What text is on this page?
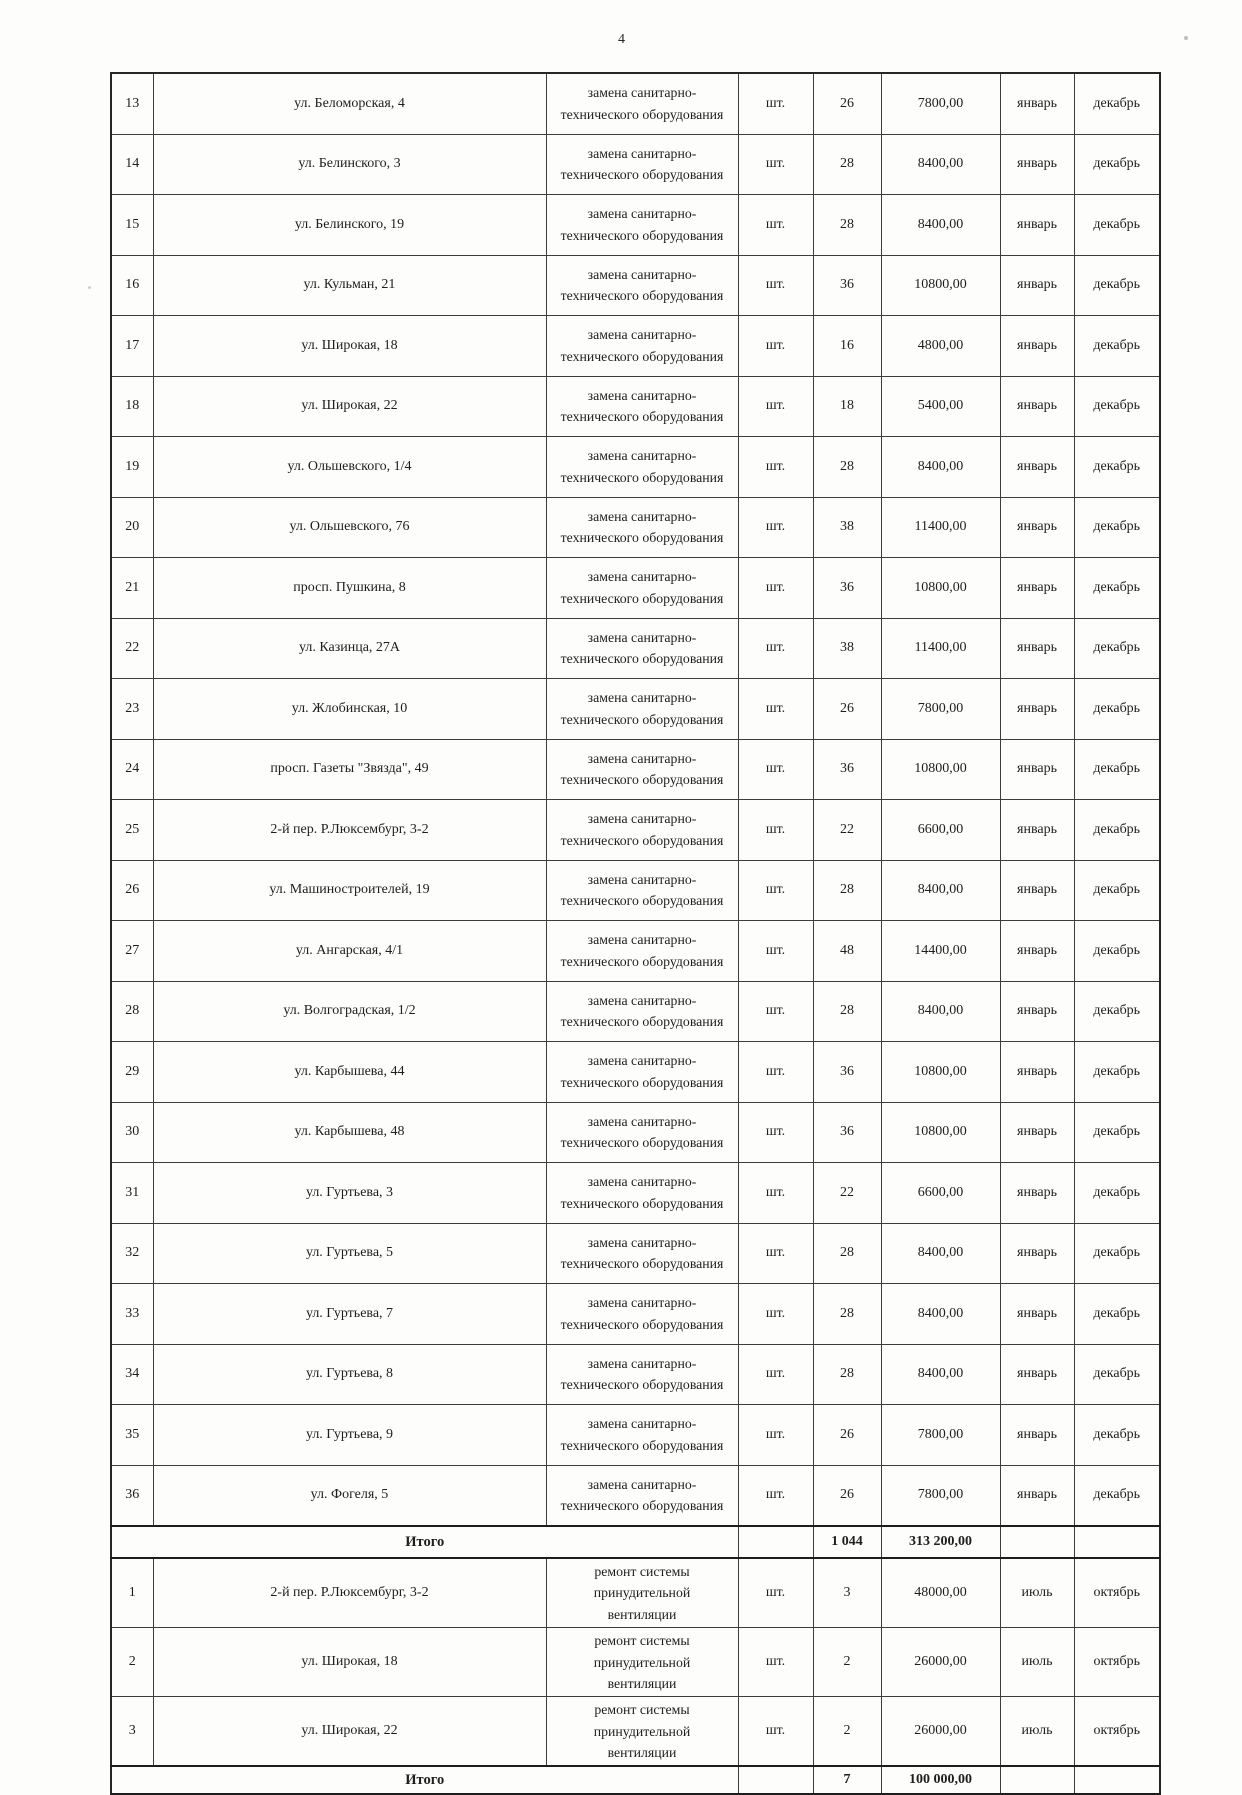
4
13	ул. Беломорская, 4	замена санитарно-
технического оборудования	шт.	26	7800,00	январь	декабрь
14	ул. Белинского, 3	замена санитарно-
технического оборудования	шт.	28	8400,00	январь	декабрь
15	ул. Белинского, 19	замена санитарно-
технического оборудования	шт.	28	8400,00	январь	декабрь
16	ул. Кульман, 21	замена санитарно-
технического оборудования	шт.	36	10800,00	январь	декабрь
17	ул. Широкая, 18	замена санитарно-
технического оборудования	шт.	16	4800,00	январь	декабрь
18	ул. Широкая, 22	замена санитарно-
технического оборудования	шт.	18	5400,00	январь	декабрь
19	ул. Ольшевского, 1/4	замена санитарно-
технического оборудования	шт.	28	8400,00	январь	декабрь
20	ул. Ольшевского, 76	замена санитарно-
технического оборудования	шт.	38	11400,00	январь	декабрь
21	просп. Пушкина, 8	замена санитарно-
технического оборудования	шт.	36	10800,00	январь	декабрь
22	ул. Казинца, 27А	замена санитарно-
технического оборудования	шт.	38	11400,00	январь	декабрь
23	ул. Жлобинская, 10	замена санитарно-
технического оборудования	шт.	26	7800,00	январь	декабрь
24	просп. Газеты "Звязда", 49	замена санитарно-
технического оборудования	шт.	36	10800,00	январь	декабрь
25	2-й пер. Р.Люксембург, 3-2	замена санитарно-
технического оборудования	шт.	22	6600,00	январь	декабрь
26	ул. Машиностроителей, 19	замена санитарно-
технического оборудования	шт.	28	8400,00	январь	декабрь
27	ул. Ангарская, 4/1	замена санитарно-
технического оборудования	шт.	48	14400,00	январь	декабрь
28	ул. Волгоградская, 1/2	замена санитарно-
технического оборудования	шт.	28	8400,00	январь	декабрь
29	ул. Карбышева, 44	замена санитарно-
технического оборудования	шт.	36	10800,00	январь	декабрь
30	ул. Карбышева, 48	замена санитарно-
технического оборудования	шт.	36	10800,00	январь	декабрь
31	ул. Гуртьева, 3	замена санитарно-
технического оборудования	шт.	22	6600,00	январь	декабрь
32	ул. Гуртьева, 5	замена санитарно-
технического оборудования	шт.	28	8400,00	январь	декабрь
33	ул. Гуртьева, 7	замена санитарно-
технического оборудования	шт.	28	8400,00	январь	декабрь
34	ул. Гуртьева, 8	замена санитарно-
технического оборудования	шт.	28	8400,00	январь	декабрь
35	ул. Гуртьева, 9	замена санитарно-
технического оборудования	шт.	26	7800,00	январь	декабрь
36	ул. Фогеля, 5	замена санитарно-
технического оборудования	шт.	26	7800,00	январь	декабрь
Итого				1 044	313 200,00		
1	2-й пер. Р.Люксембург, 3-2	ремонт системы
принудительной
вентиляции	шт.	3	48000,00	июль	октябрь
2	ул. Широкая, 18	ремонт системы
принудительной
вентиляции	шт.	2	26000,00	июль	октябрь
3	ул. Широкая, 22	ремонт системы
принудительной
вентиляции	шт.	2	26000,00	июль	октябрь
Итого				7	100 000,00		
